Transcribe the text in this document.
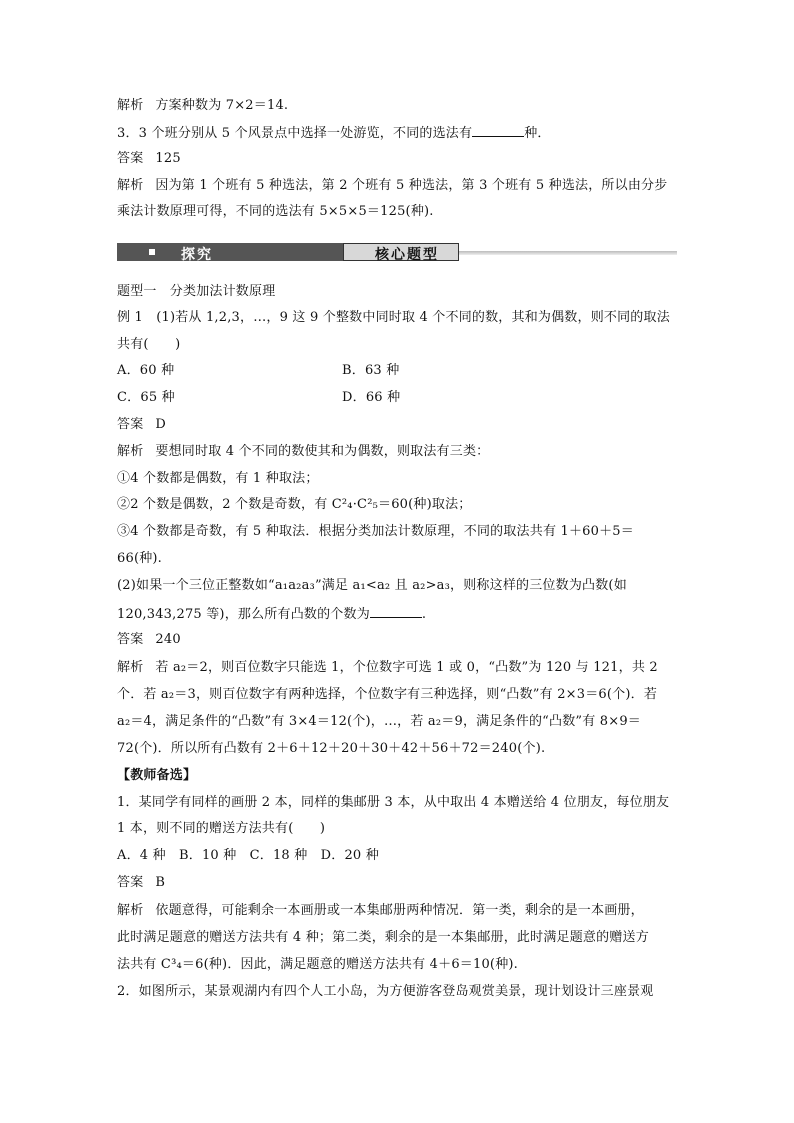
解析 方案种数为 7×2＝14.
3．3 个班分别从 5 个风景点中选择一处游览，不同的选法有	种．
答案 125
解析 因为第 1 个班有 5 种选法，第 2 个班有 5 种选法，第 3 个班有 5 种选法，所以由分步
乘法计数原理可得，不同的选法有 5×5×5＝125(种).
探究	核心题型
题型一　分类加法计数原理
例 1　(1)若从 1,2,3，…，9 这 9 个整数中同时取 4 个不同的数，其和为偶数，则不同的取法
共有(　　)
A．60 种	B．63 种
C．65 种	D．66 种
答案 D
解析 要想同时取 4 个不同的数使其和为偶数，则取法有三类：
①4 个数都是偶数，有 1 种取法；
②2 个数是偶数，2 个数是奇数，有 C²₄·C²₅＝60(种)取法；
③4 个数都是奇数，有 5 种取法．根据分类加法计数原理，不同的取法共有 1＋60＋5＝
66(种).
(2)如果一个三位正整数如“a₁a₂a₃”满足 a₁<a₂ 且 a₂>a₃，则称这样的三位数为凸数(如
120,343,275 等)，那么所有凸数的个数为	.
答案 240
解析 若 a₂＝2，则百位数字只能选 1，个位数字可选 1 或 0，“凸数”为 120 与 121，共 2
个．若 a₂＝3，则百位数字有两种选择，个位数字有三种选择，则“凸数”有 2×3＝6(个)．若
a₂＝4，满足条件的“凸数”有 3×4＝12(个)，…，若 a₂＝9，满足条件的“凸数”有 8×9＝
72(个)．所以所有凸数有 2＋6＋12＋20＋30＋42＋56＋72＝240(个).
【教师备选】
1．某同学有同样的画册 2 本，同样的集邮册 3 本，从中取出 4 本赠送给 4 位朋友，每位朋友
1 本，则不同的赠送方法共有(　　)
A．4 种　B．10 种　C．18 种　D．20 种
答案 B
解析 依题意得，可能剩余一本画册或一本集邮册两种情况．第一类，剩余的是一本画册，
此时满足题意的赠送方法共有 4 种；第二类，剩余的是一本集邮册，此时满足题意的赠送方
法共有 C³₄＝6(种)．因此，满足题意的赠送方法共有 4＋6＝10(种).
2．如图所示，某景观湖内有四个人工小岛，为方便游客登岛观赏美景，现计划设计三座景观
